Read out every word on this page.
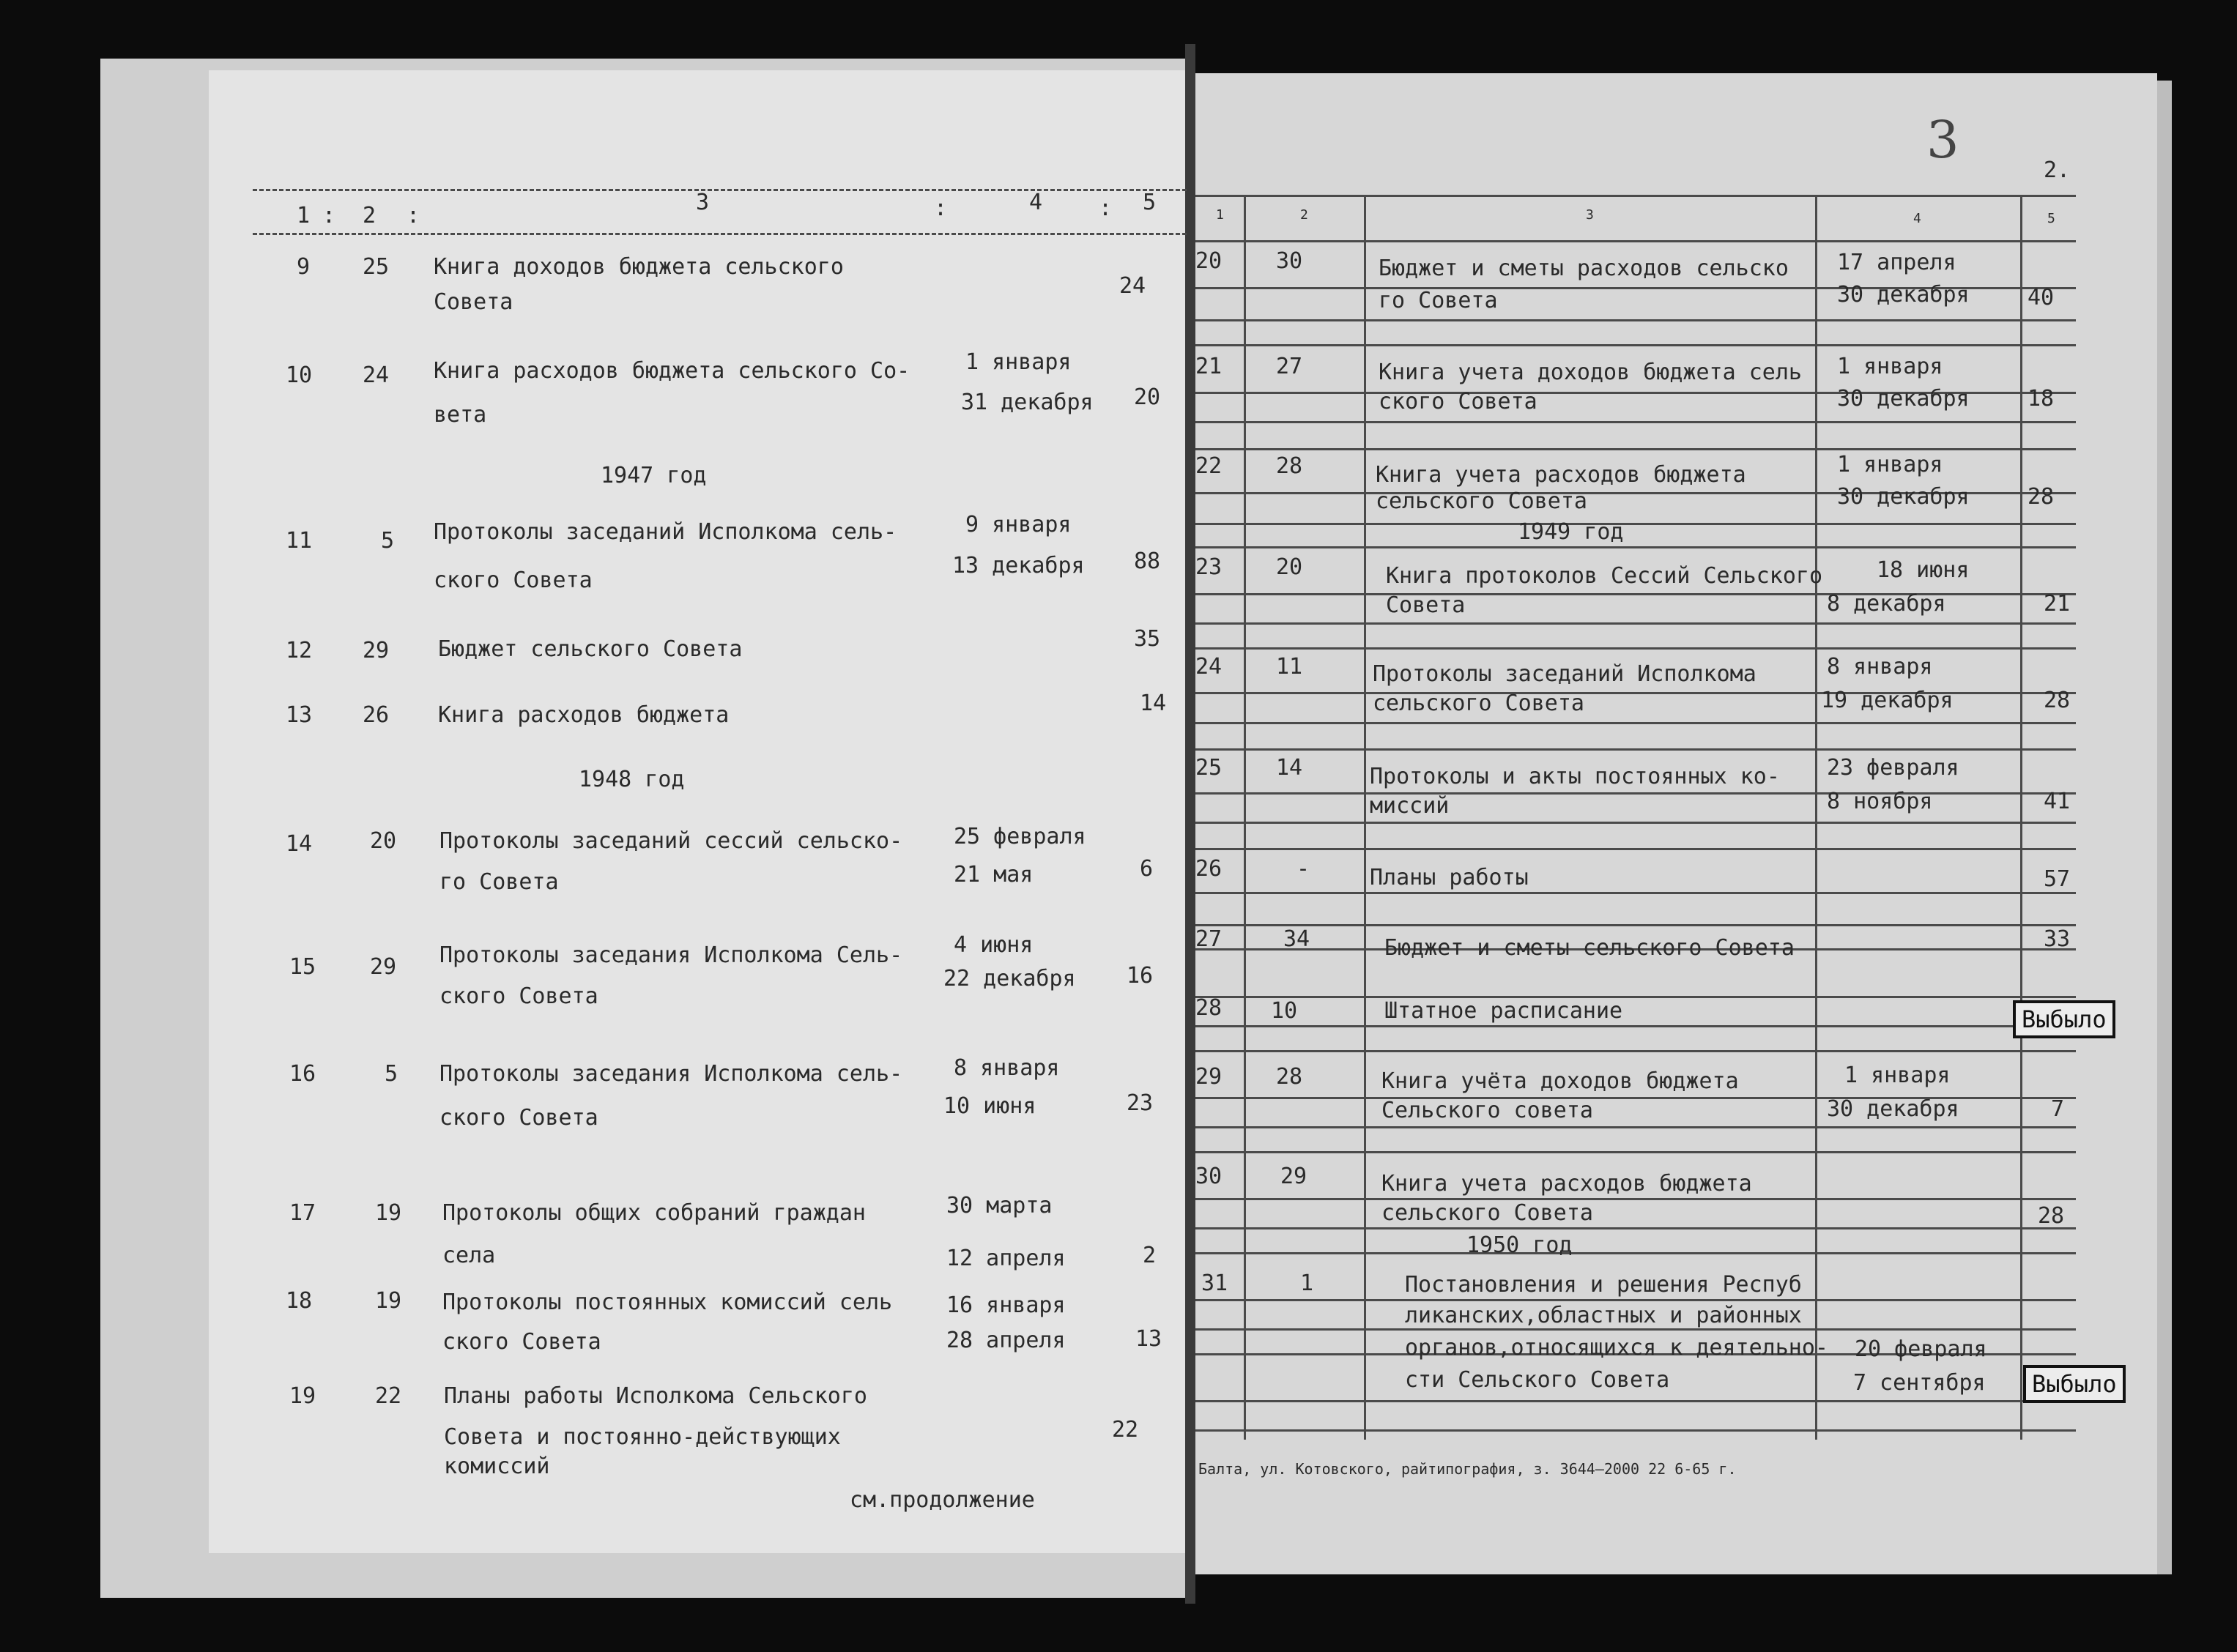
1 : 2 :
3	:	4	: 5
9 25 Книга доходов бюджета сельского
Совета
24
10 24 Книга расходов бюджета сельского Со-
вета
1 января
31 декабря 20
1947 год
11	5 Протоколы заседаний Исполкома сель-
ского Совета
9 января
13 декабря 88
12 29 Бюджет сельского Совета	35
13 26 Книга расходов бюджета	14
1948 год
14	20 Протоколы заседаний сессий сельско-
го Совета
25 февраля
21 мая	6
15 29 Протоколы заседания Исполкома Сель-
ского Совета
4 июня
22 декабря 16
16	5 Протоколы заседания Исполкома сель-
ского Совета
8 января
10 июня	23
17	19 Протоколы общих собраний граждан
села
30 марта
12 апреля	2
18	19 Протоколы постоянных комиссий сель
ского Совета
16 января
28 апреля	13
19	22 Планы работы Исполкома Сельского
Совета и постоянно-действующих
комиссий
22
см.продолжение
3
2.
1	2	3	4	5
20 30	Бюджет и сметы расходов сельско
го Совета
17 апреля
30 декабря	40
21 27	Книга учета доходов бюджета сель
ского Совета
1 января
30 декабря	18
22 28	Книга учета расходов бюджета
сельского Совета
1 января
30 декабря	28
1949 год
23 20	Книга протоколов Сессий Сельского
Совета
18 июня
8 декабря	21
24 11	Протоколы заседаний Исполкома
сельского Совета
8 января
19 декабря	28
25 14	Протоколы и акты постоянных ко-
миссий
23 февраля
8 ноября	41
26	-	Планы работы	57
27	34	Бюджет и сметы сельского Совета	33
28 10	Штатное расписание	Выбыло
29 28	Книга учёта доходов бюджета
Сельского совета
1 января
30 декабря	7
30	29	Книга учета расходов бюджета
сельского Совета	28
1950 год
31	1	Постановления и решения Респуб
ликанских,областных и районных
органов,относящихся к деятельно-
сти Сельского Совета
20 февраля
7 сентября	Выбыло
Балта, ул. Котовского, райтипография, з. 3644—2000 22 6-65 г.
